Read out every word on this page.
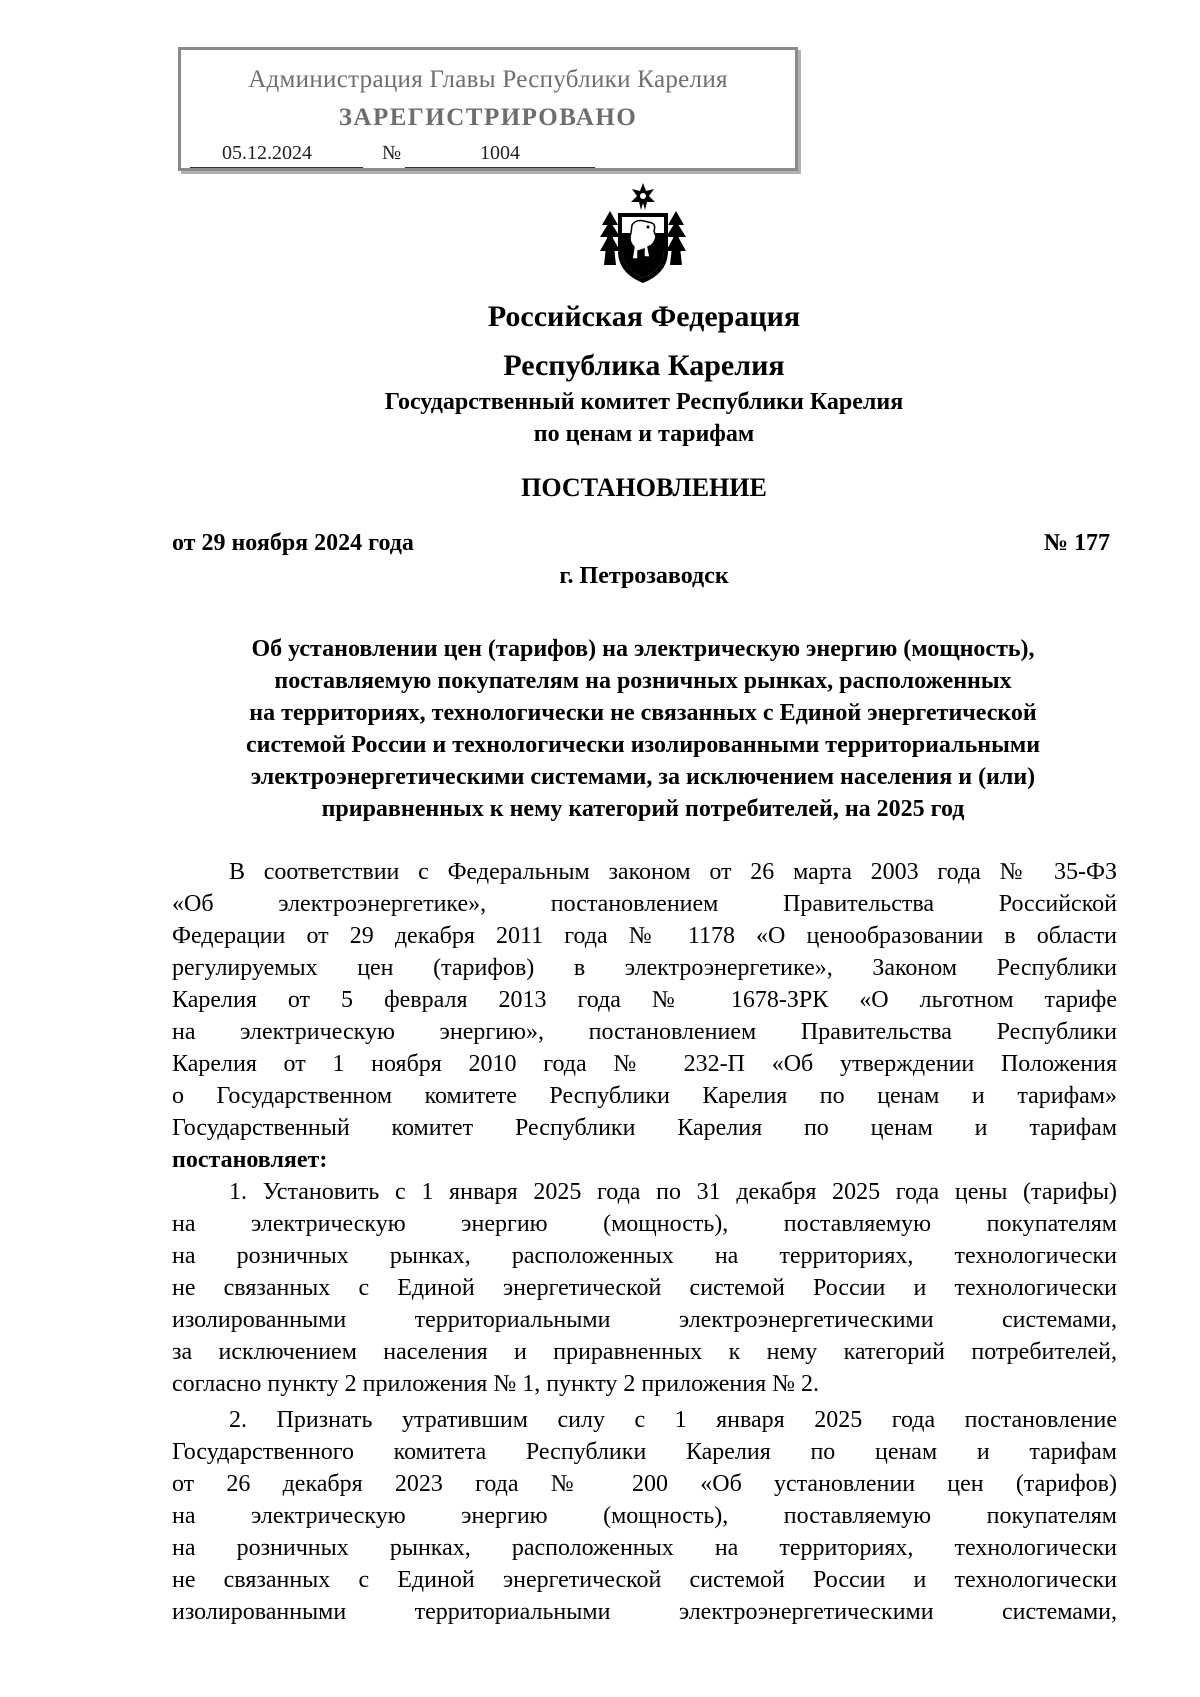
Администрация Главы Республики Карелия
ЗАРЕГИСТРИРОВАНО
05.12.2024	№	1004
Российская Федерация
Республика Карелия
Государственный комитет Республики Карелия
по ценам и тарифам
ПОСТАНОВЛЕНИЕ
от 29 ноября 2024 года	№ 177
г. Петрозаводск
Об установлении цен (тарифов) на электрическую энергию (мощность),
поставляемую покупателям на розничных рынках, расположенных
на территориях, технологически не связанных с Единой энергетической
системой России и технологически изолированными территориальными
электроэнергетическими системами, за исключением населения и (или)
приравненных к нему категорий потребителей, на 2025 год
В соответствии с Федеральным законом от 26 марта 2003 года № 35-ФЗ
«Об электроэнергетике», постановлением Правительства Российской
Федерации от 29 декабря 2011 года № 1178 «О ценообразовании в области
регулируемых цен (тарифов) в электроэнергетике», Законом Республики
Карелия от 5 февраля 2013 года № 1678-ЗРК «О льготном тарифе
на электрическую энергию», постановлением Правительства Республики
Карелия от 1 ноября 2010 года № 232-П «Об утверждении Положения
о Государственном комитете Республики Карелия по ценам и тарифам»
Государственный комитет Республики Карелия по ценам и тарифам
постановляет:
1. Установить с 1 января 2025 года по 31 декабря 2025 года цены (тарифы)
на электрическую энергию (мощность), поставляемую покупателям
на розничных рынках, расположенных на территориях, технологически
не связанных с Единой энергетической системой России и технологически
изолированными территориальными электроэнергетическими системами,
за исключением населения и приравненных к нему категорий потребителей,
согласно пункту 2 приложения № 1, пункту 2 приложения № 2.
2. Признать утратившим силу с 1 января 2025 года постановление
Государственного комитета Республики Карелия по ценам и тарифам
от 26 декабря 2023 года № 200 «Об установлении цен (тарифов)
на электрическую энергию (мощность), поставляемую покупателям
на розничных рынках, расположенных на территориях, технологически
не связанных с Единой энергетической системой России и технологически
изолированными территориальными электроэнергетическими системами,
